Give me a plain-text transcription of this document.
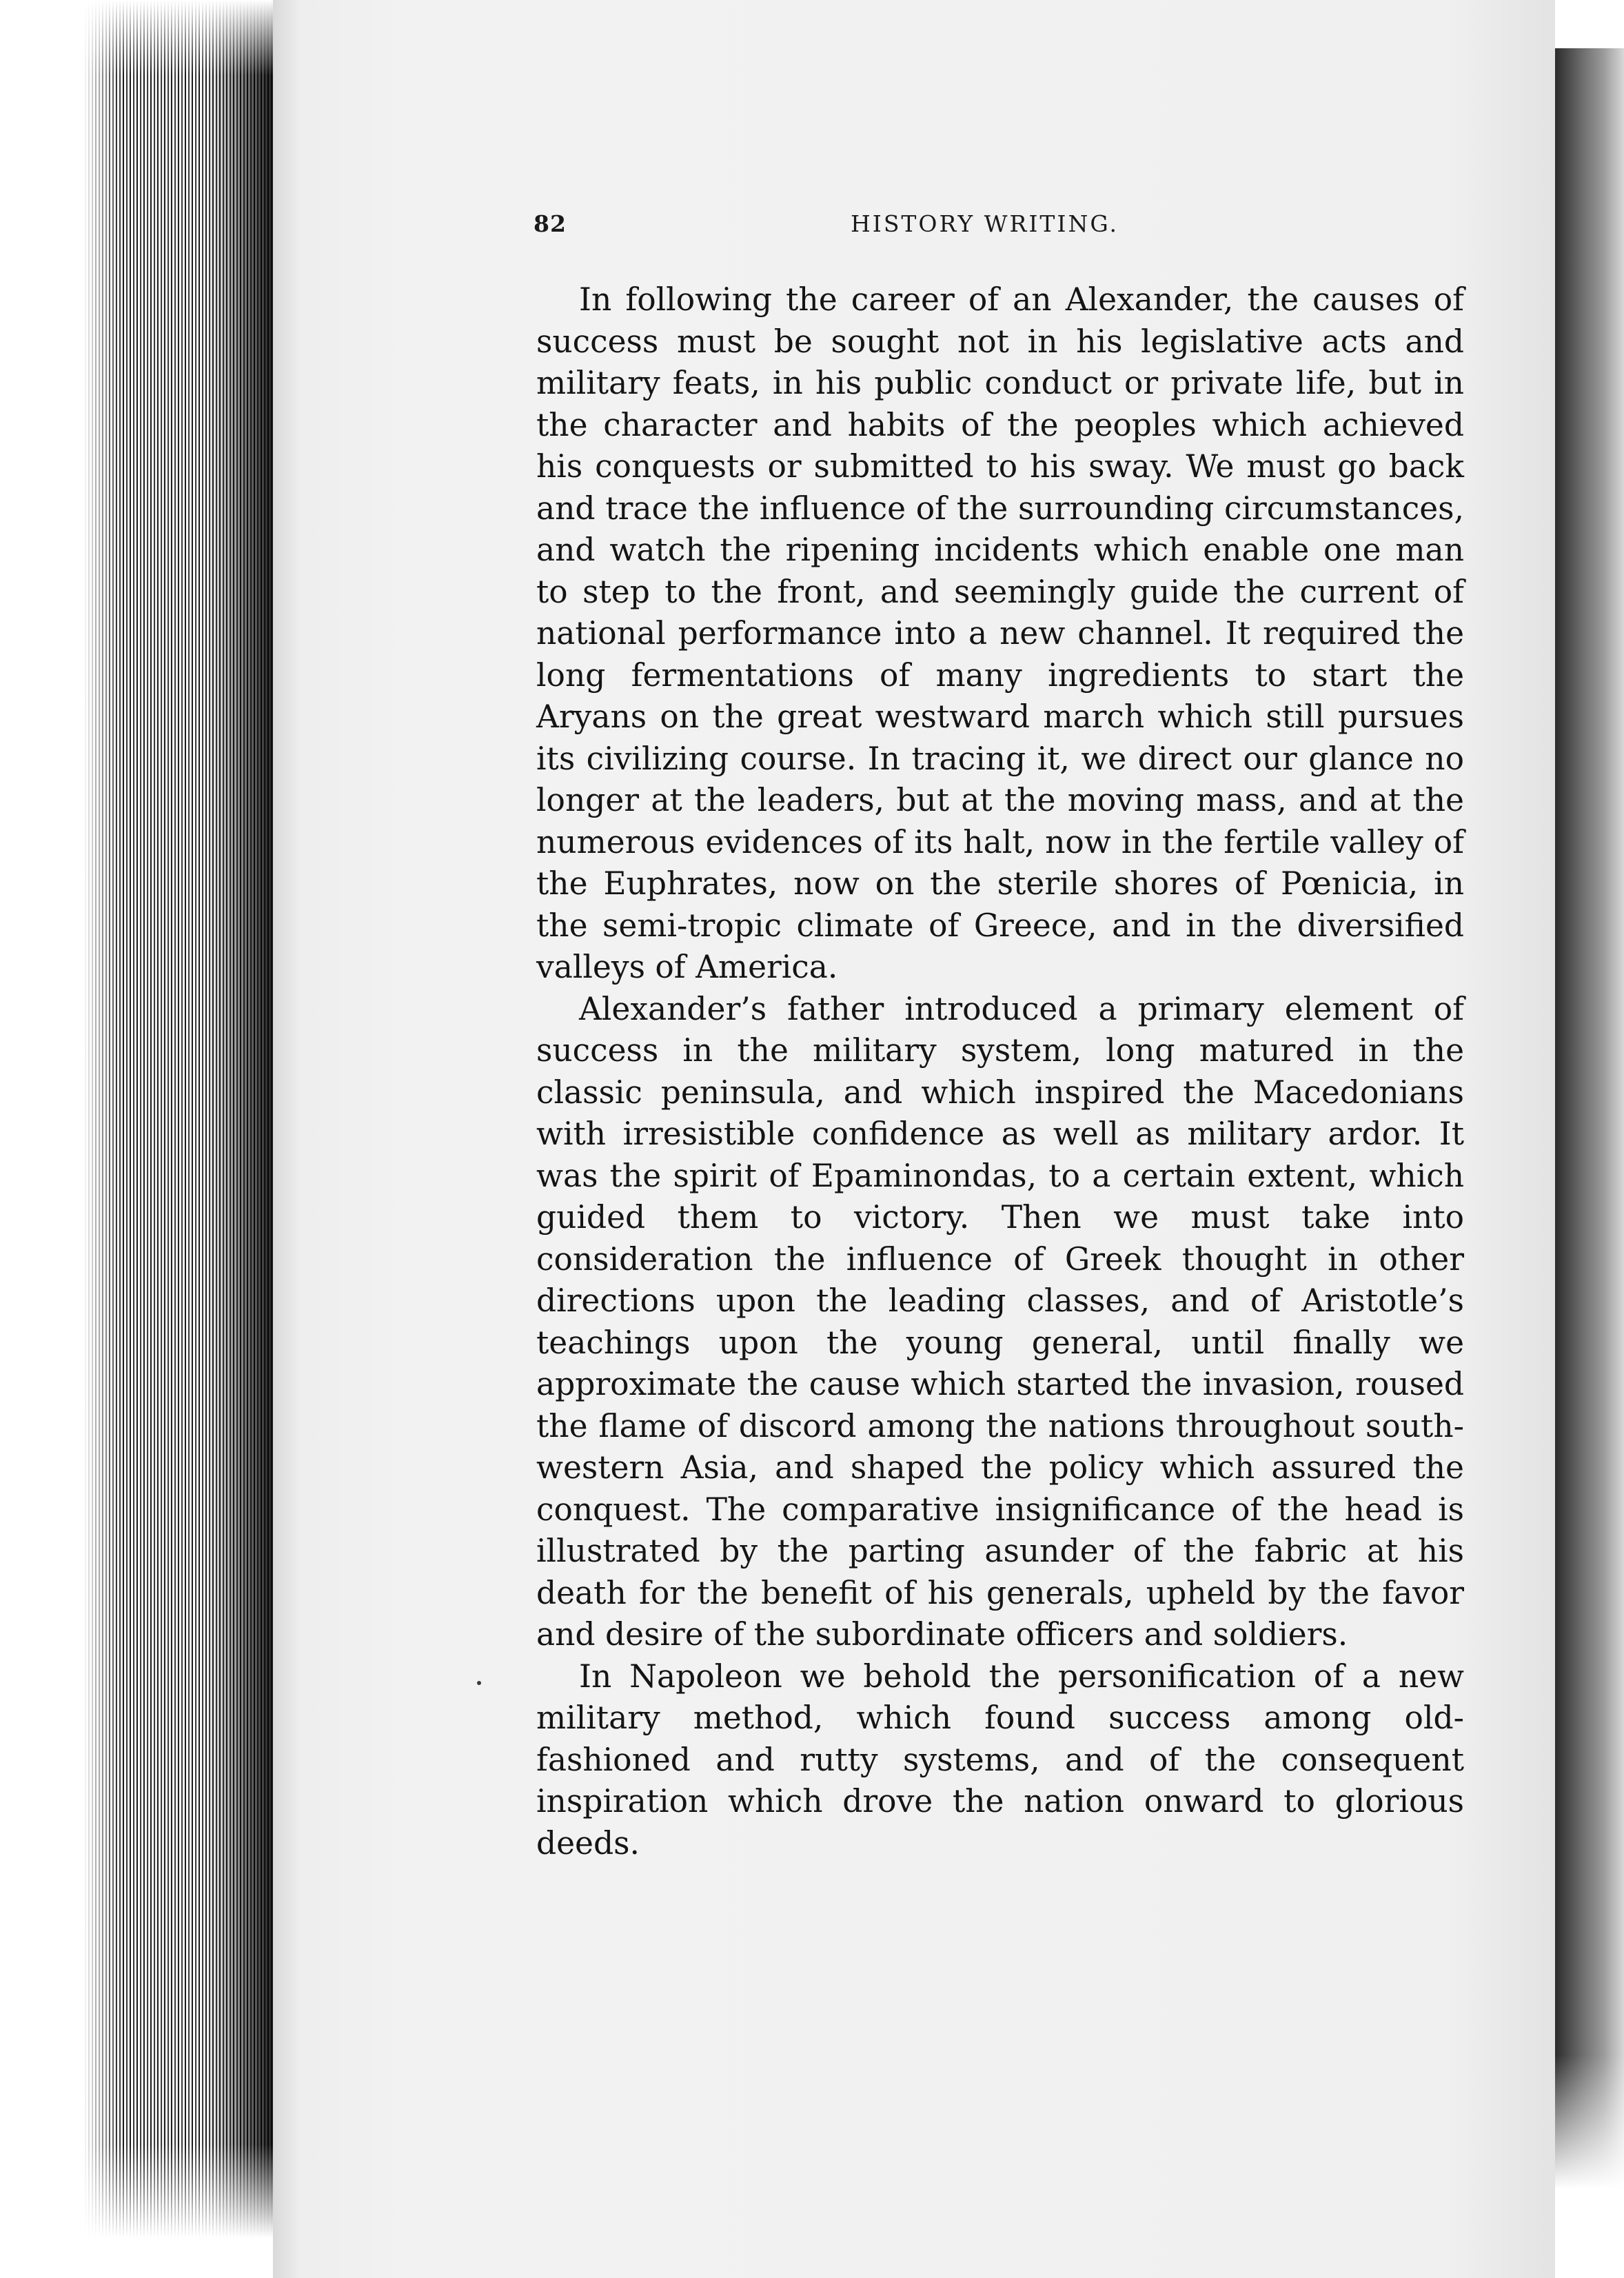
82	HISTORY WRITING.

In following the career of an Alexander, the causes of success must be sought not in his legislative acts and military feats, in his public conduct or private life, but in the character and habits of the peoples which achieved his conquests or submitted to his sway. We must go back and trace the influence of the surrounding circumstances, and watch the ripening incidents which enable one man to step to the front, and seemingly guide the current of national performance into a new channel. It required the long fermentations of many ingredients to start the Aryans on the great westward march which still pursues its civilizing course. In tracing it, we direct our glance no longer at the leaders, but at the moving mass, and at the numerous evidences of its halt, now in the fertile valley of the Euphrates, now on the sterile shores of Pœnicia, in the semi-tropic climate of Greece, and in the diversified valleys of America.

Alexander’s father introduced a primary element of success in the military system, long matured in the classic peninsula, and which inspired the Macedonians with irresistible confidence as well as military ardor. It was the spirit of Epaminondas, to a certain extent, which guided them to victory. Then we must take into consideration the influence of Greek thought in other directions upon the leading classes, and of Aristotle’s teachings upon the young general, until finally we approximate the cause which started the invasion, roused the flame of discord among the nations throughout south-western Asia, and shaped the policy which assured the conquest. The comparative insignificance of the head is illustrated by the parting asunder of the fabric at his death for the benefit of his generals, upheld by the favor and desire of the subordinate officers and soldiers.

In Napoleon we behold the personification of a new military method, which found success among old-fashioned and rutty systems, and of the consequent inspiration which drove the nation onward to glorious deeds.
